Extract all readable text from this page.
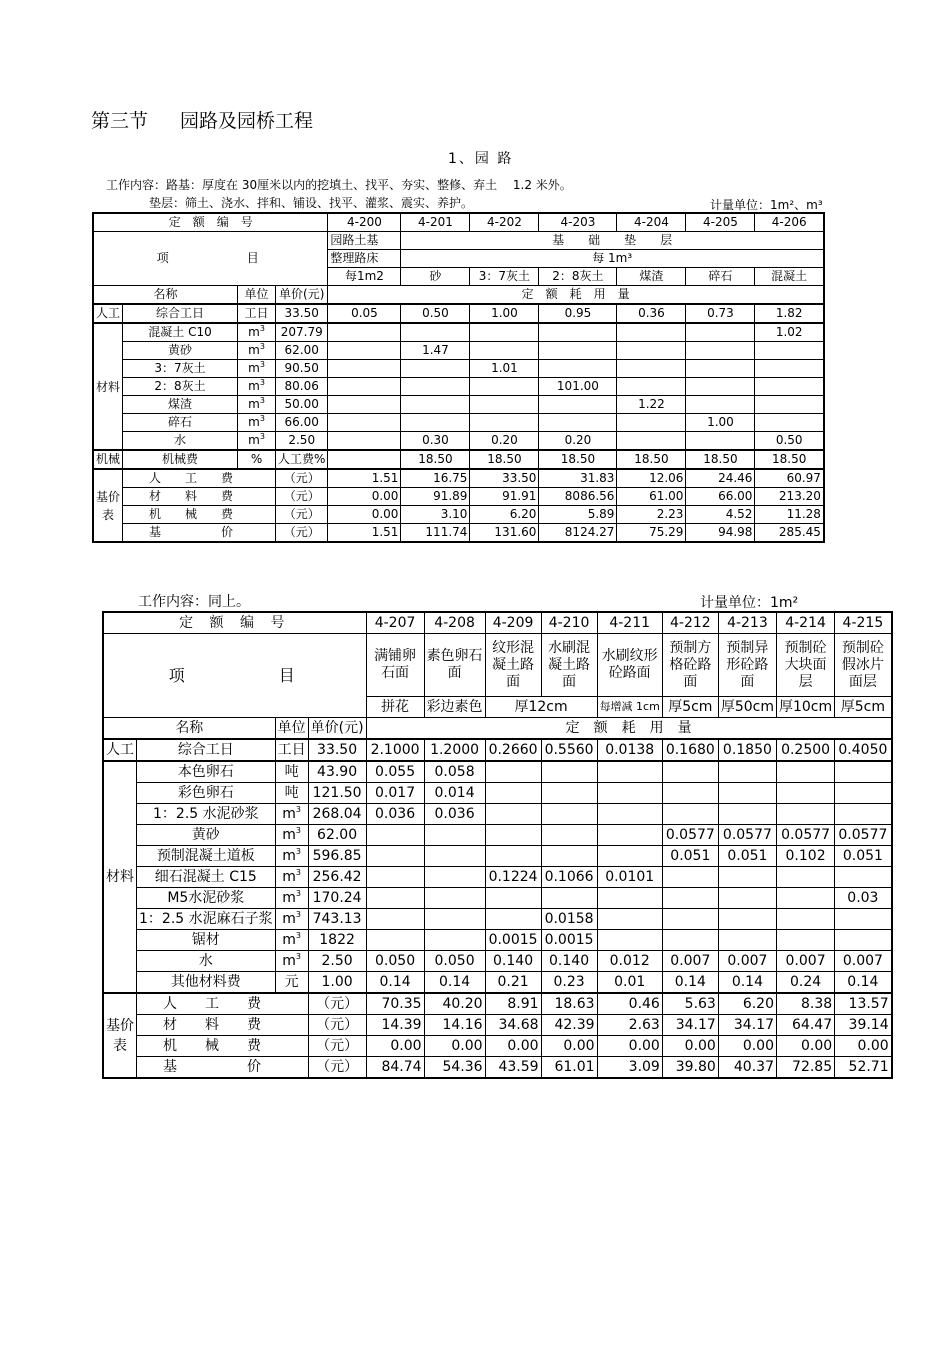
第三节 园路及园桥工程
1、园 路
工作内容：路基：厚度在 30厘米以内的挖填土、找平、夯实、整修、弃土　 1.2 米外。
垫层：筛土、浇水、拌和、铺设、找平、灌浆、震实、养护。	计量单位：1m²、m³
定　额　编　号				4-200	4-201	4-202	4-203	4-204	4-205	4-206
项　　　　目				园路土基	基　　础　　垫　　层					
				整理路床	每 1m³					
				每1m2	砂	3：7灰土	2：8灰土	煤渣	碎石	混凝土
名称		单位	单价(元)	定　额　耗　用　量						
人工	综合工日	工日	33.50	0.05	0.50	1.00	0.95	0.36	0.73	1.82
材料	混凝土 C10	$m^3$	207.79							1.02
	黄砂	$m^3$	62.00		1.47					
	3：7灰土	$m^3$	90.50			1.01				
	2：8灰土	$m^3$	80.06				101.00			
	煤渣	$m^3$	50.00					1.22		
	碎石	$m^3$	66.00						1.00	
	水	$m^3$	2.50		0.30	0.20	0.20			0.50
机械	机械费	%	人工费%		18.50	18.50	18.50	18.50	18.50	18.50
基价表	人　　工　　费		（元）	1.51	16.75	33.50	31.83	12.06	24.46	60.97
	材　　料　　费		（元）	0.00	91.89	91.91	8086.56	61.00	66.00	213.20
	机　　械　　费		（元）	0.00	3.10	6.20	5.89	2.23	4.52	11.28
	基　　　　　价		（元）	1.51	111.74	131.60	8124.27	75.29	94.98	285.45
工作内容：同上。	计量单位：1m²
定 额 编 号				4-207	4-208	4-209	4-210	4-211	4-212	4-213	4-214	4-215
项　　　　目				满铺卵石面	素色卵石面	纹形混凝土路面	水刷混凝土路面	水刷纹形砼路面	预制方格砼路面	预制异形砼路面	预制砼大块面层	预制砼假冰片面层
				拼花	彩边素色	厚12cm		每增减 1cm	厚5cm	厚50cm	厚10cm	厚5cm
名称		单位	单价(元)	定　额　耗　用　量								
人工	综合工日	工日	33.50	2.1000	1.2000	0.2660	0.5560	0.0138	0.1680	0.1850	0.2500	0.4050
材料	本色卵石	吨	43.90	0.055	0.058							
	彩色卵石	吨	121.50	0.017	0.014							
	1：2.5 水泥砂浆	$m^3$	268.04	0.036	0.036							
	黄砂	$m^3$	62.00						0.0577	0.0577	0.0577	0.0577
	预制混凝土道板	$m^3$	596.85						0.051	0.051	0.102	0.051
	细石混凝土 C15	$m^3$	256.42			0.1224	0.1066	0.0101				
	M5水泥砂浆	$m^3$	170.24									0.03
	1：2.5 水泥麻石子浆	$m^3$	743.13				0.0158					
	锯材	$m^3$	1822			0.0015	0.0015					
	水	$m^3$	2.50	0.050	0.050	0.140	0.140	0.012	0.007	0.007	0.007	0.007
	其他材料费	元	1.00	0.14	0.14	0.21	0.23	0.01	0.14	0.14	0.24	0.14
基价表	人　　工　　费		（元）	70.35	40.20	8.91	18.63	0.46	5.63	6.20	8.38	13.57
	材　　料　　费		（元）	14.39	14.16	34.68	42.39	2.63	34.17	34.17	64.47	39.14
	机　　械　　费		（元）	0.00	0.00	0.00	0.00	0.00	0.00	0.00	0.00	0.00
	基　　　　　价		（元）	84.74	54.36	43.59	61.01	3.09	39.80	40.37	72.85	52.71
